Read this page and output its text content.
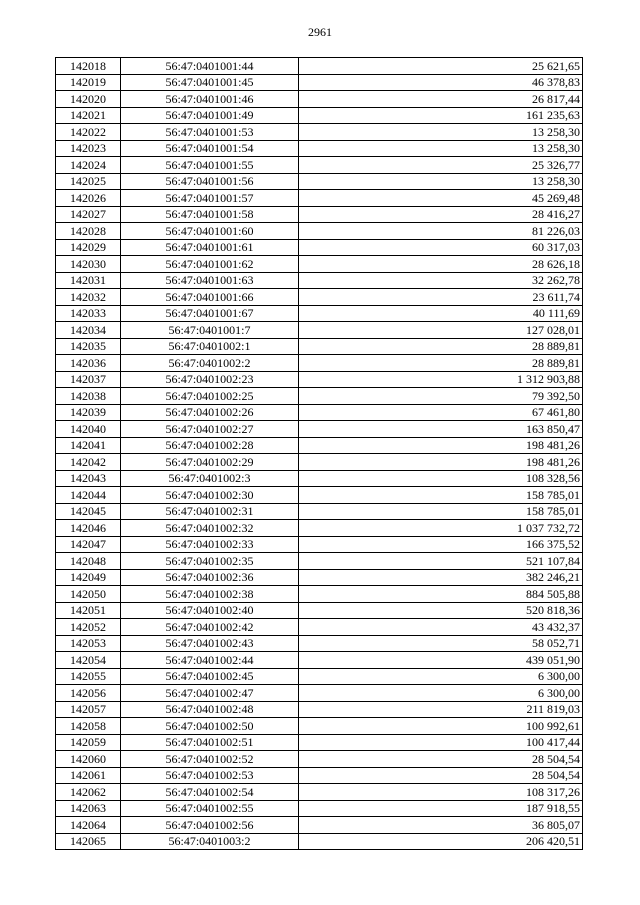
2961
142018	56:47:0401001:44	25 621,65
142019	56:47:0401001:45	46 378,83
142020	56:47:0401001:46	26 817,44
142021	56:47:0401001:49	161 235,63
142022	56:47:0401001:53	13 258,30
142023	56:47:0401001:54	13 258,30
142024	56:47:0401001:55	25 326,77
142025	56:47:0401001:56	13 258,30
142026	56:47:0401001:57	45 269,48
142027	56:47:0401001:58	28 416,27
142028	56:47:0401001:60	81 226,03
142029	56:47:0401001:61	60 317,03
142030	56:47:0401001:62	28 626,18
142031	56:47:0401001:63	32 262,78
142032	56:47:0401001:66	23 611,74
142033	56:47:0401001:67	40 111,69
142034	56:47:0401001:7	127 028,01
142035	56:47:0401002:1	28 889,81
142036	56:47:0401002:2	28 889,81
142037	56:47:0401002:23	1 312 903,88
142038	56:47:0401002:25	79 392,50
142039	56:47:0401002:26	67 461,80
142040	56:47:0401002:27	163 850,47
142041	56:47:0401002:28	198 481,26
142042	56:47:0401002:29	198 481,26
142043	56:47:0401002:3	108 328,56
142044	56:47:0401002:30	158 785,01
142045	56:47:0401002:31	158 785,01
142046	56:47:0401002:32	1 037 732,72
142047	56:47:0401002:33	166 375,52
142048	56:47:0401002:35	521 107,84
142049	56:47:0401002:36	382 246,21
142050	56:47:0401002:38	884 505,88
142051	56:47:0401002:40	520 818,36
142052	56:47:0401002:42	43 432,37
142053	56:47:0401002:43	58 052,71
142054	56:47:0401002:44	439 051,90
142055	56:47:0401002:45	6 300,00
142056	56:47:0401002:47	6 300,00
142057	56:47:0401002:48	211 819,03
142058	56:47:0401002:50	100 992,61
142059	56:47:0401002:51	100 417,44
142060	56:47:0401002:52	28 504,54
142061	56:47:0401002:53	28 504,54
142062	56:47:0401002:54	108 317,26
142063	56:47:0401002:55	187 918,55
142064	56:47:0401002:56	36 805,07
142065	56:47:0401003:2	206 420,51
